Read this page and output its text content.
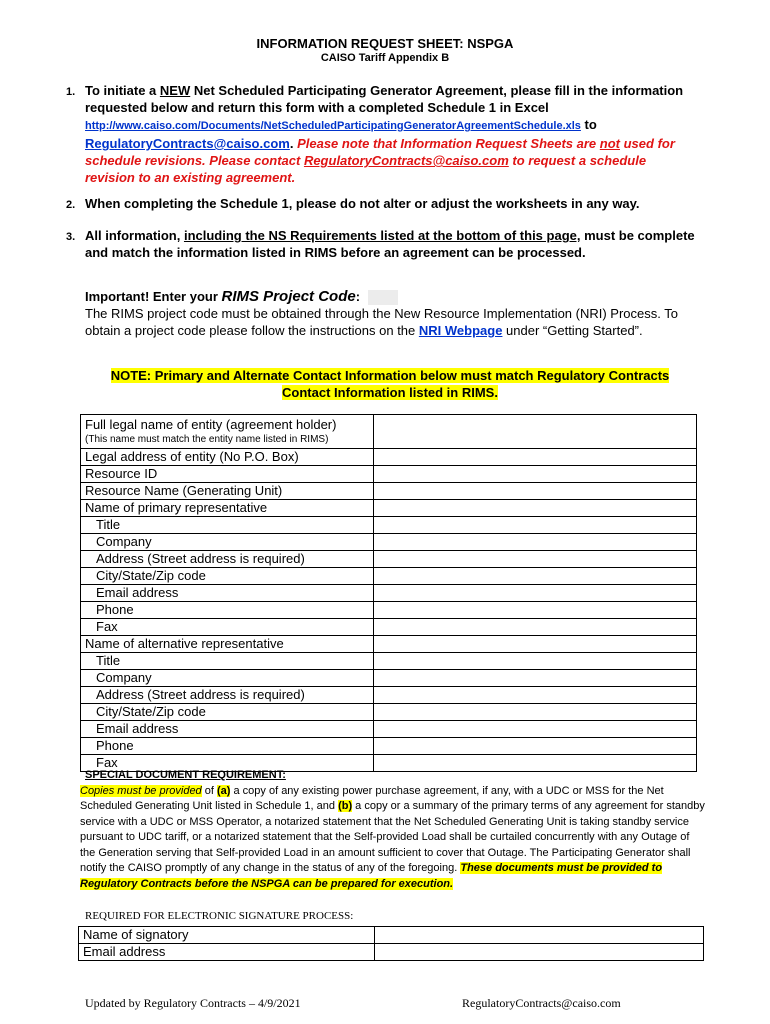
INFORMATION REQUEST SHEET: NSPGA
CAISO Tariff Appendix B
1. To initiate a NEW Net Scheduled Participating Generator Agreement, please fill in the information requested below and return this form with a completed Schedule 1 in Excel http://www.caiso.com/Documents/NetScheduledParticipatingGeneratorAgreementSchedule.xls to RegulatoryContracts@caiso.com. Please note that Information Request Sheets are not used for schedule revisions. Please contact RegulatoryContracts@caiso.com to request a schedule revision to an existing agreement.
2. When completing the Schedule 1, please do not alter or adjust the worksheets in any way.
3. All information, including the NS Requirements listed at the bottom of this page, must be complete and match the information listed in RIMS before an agreement can be processed.
Important! Enter your RIMS Project Code:
The RIMS project code must be obtained through the New Resource Implementation (NRI) Process. To obtain a project code please follow the instructions on the NRI Webpage under “Getting Started”.
NOTE: Primary and Alternate Contact Information below must match Regulatory Contracts Contact Information listed in RIMS.
Full legal name of entity (agreement holder)
(This name must match the entity name listed in RIMS)	

Legal address of entity (No P.O. Box)	
Resource ID	
Resource Name (Generating Unit)	
Name of primary representative	
Title	
Company	
Address (Street address is required)	
City/State/Zip code	
Email address	
Phone	
Fax	
Name of alternative representative	
Title	
Company	
Address (Street address is required)	
City/State/Zip code	
Email address	
Phone	
Fax	
SPECIAL DOCUMENT REQUIREMENT:
Copies must be provided of (a) a copy of any existing power purchase agreement, if any, with a UDC or MSS for the Net Scheduled Generating Unit listed in Schedule 1, and (b) a copy or a summary of the primary terms of any agreement for standby service with a UDC or MSS Operator, a notarized statement that the Net Scheduled Generating Unit is taking standby service pursuant to UDC tariff, or a notarized statement that the Self-provided Load shall be curtailed concurrently with any Outage of the Generation serving that Self-provided Load in an amount sufficient to cover that Outage. The Participating Generator shall notify the CAISO promptly of any change in the status of any of the foregoing. These documents must be provided to Regulatory Contracts before the NSPGA can be prepared for execution.
REQUIRED FOR ELECTRONIC SIGNATURE PROCESS:
Name of signatory	
Email address	
Updated by Regulatory Contracts – 4/9/2021	RegulatoryContracts@caiso.com
